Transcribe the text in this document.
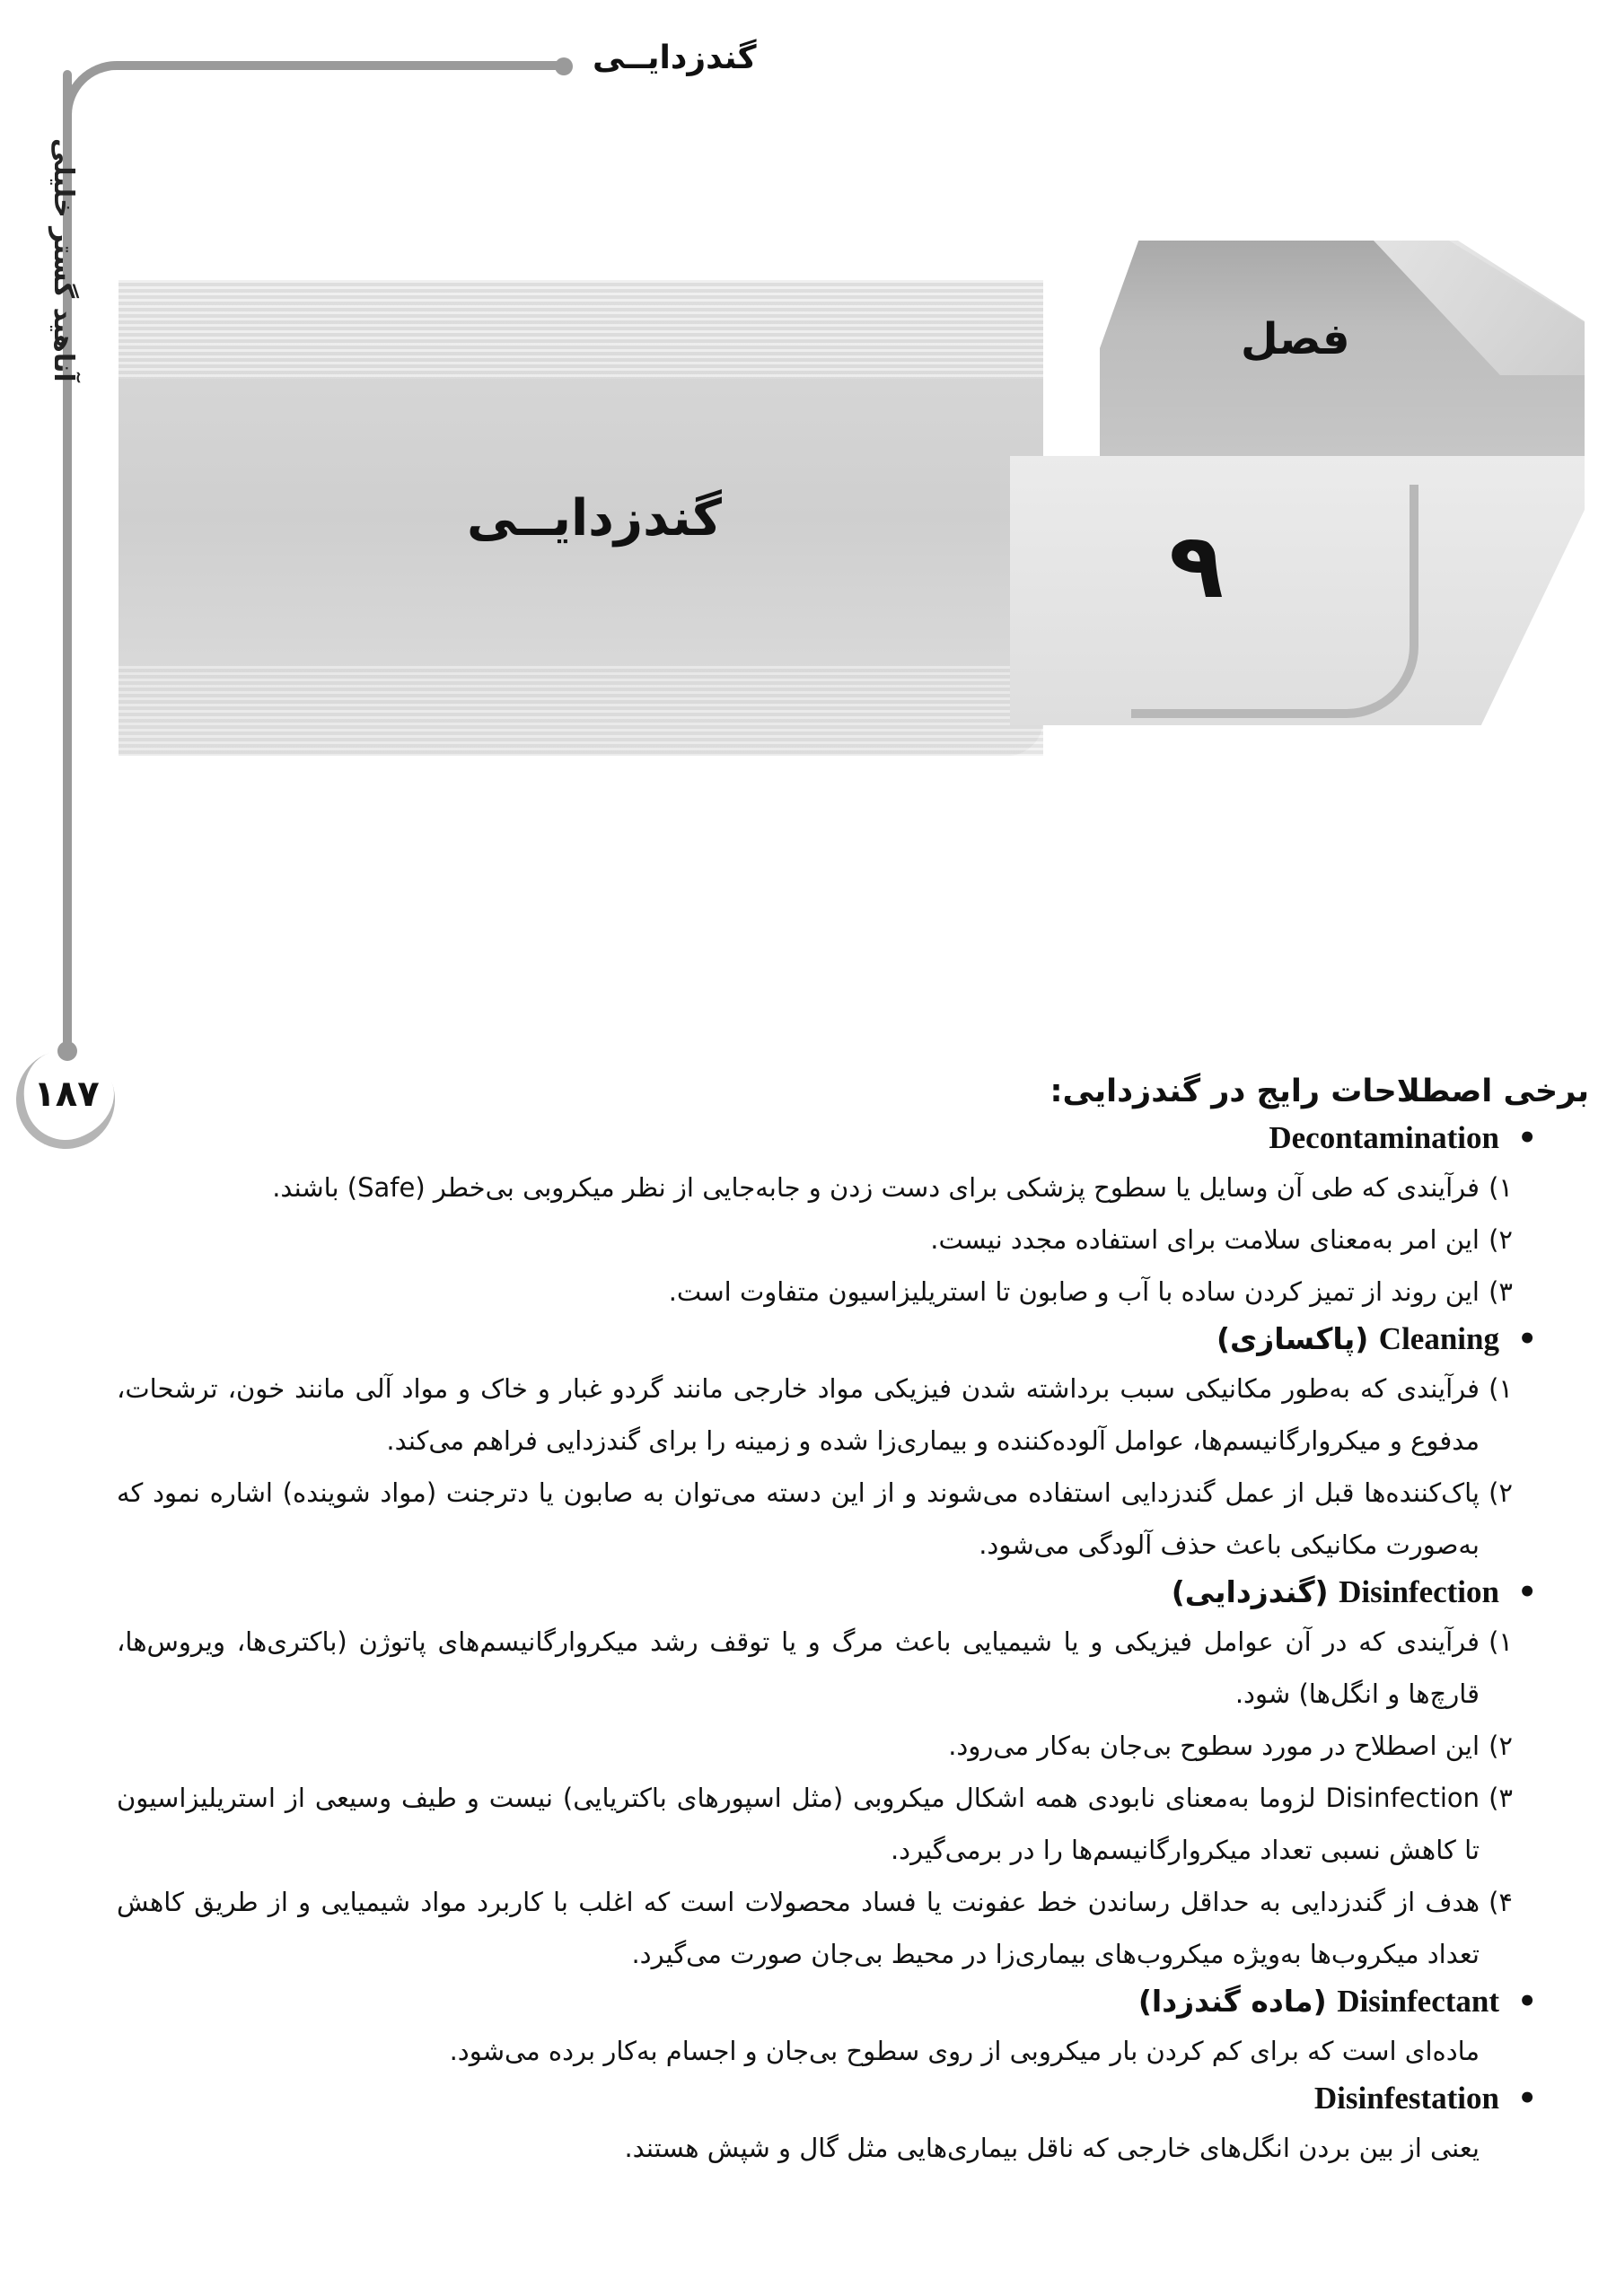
گندزدایــی
آناهید گستر خلیلی
۱۸۷
فصل
۹
گندزدایــی
برخی اصطلاحات رایج در گندزدایی:
• Decontamination

۱)
فرآیندی که طی آن وسایل یا سطوح پزشکی برای دست زدن و جابه‌جایی از نظر میکروبی بی‌خطر (Safe) باشند.

۲)
این امر به‌معنای سلامت برای استفاده مجدد نیست.

۳)
این روند از تمیز کردن ساده با آب و صابون تا استریلیزاسیون متفاوت است.

• Cleaning (پاکسازی)

۱)
فرآیندی که به‌طور مکانیکی سبب برداشته شدن فیزیکی مواد خارجی مانند گردو غبار و خاک و مواد آلی مانند خون، ترشحات، مدفوع و میکروارگانیسم‌ها، عوامل آلوده‌کننده و بیماری‌زا شده و زمینه را برای گندزدایی فراهم می‌کند.

۲)
پاک‌کننده‌ها قبل از عمل گندزدایی استفاده می‌شوند و از این دسته می‌توان به صابون یا دترجنت (مواد شوینده) اشاره نمود که به‌صورت مکانیکی باعث حذف آلودگی می‌شود.

• Disinfection (گندزدایی)

۱)
فرآیندی که در آن عوامل فیزیکی و یا شیمیایی باعث مرگ و یا توقف رشد میکروارگانیسم‌های پاتوژن (باکتری‌ها، ویروس‌ها، قارچ‌ها و انگل‌ها) شود.

۲)
این اصطلاح در مورد سطوح بی‌جان به‌کار می‌رود.

۳)
Disinfection لزوما به‌معنای نابودی همه اشکال میکروبی (مثل اسپورهای باکتریایی) نیست و طیف وسیعی از استریلیزاسیون تا کاهش نسبی تعداد میکروارگانیسم‌ها را در برمی‌گیرد.

۴)
هدف از گندزدایی به حداقل رساندن خط عفونت یا فساد محصولات است که اغلب با کاربرد مواد شیمیایی و از طریق کاهش تعداد میکروب‌ها به‌ویژه میکروب‌های بیماری‌زا در محیط بی‌جان صورت می‌گیرد.

• Disinfectant (ماده گندزدا)

ماده‌ای است که برای کم کردن بار میکروبی از روی سطوح بی‌جان و اجسام به‌کار برده می‌شود.

• Disinfestation

یعنی از بین بردن انگل‌های خارجی که ناقل بیماری‌هایی مثل گال و شپش هستند.
